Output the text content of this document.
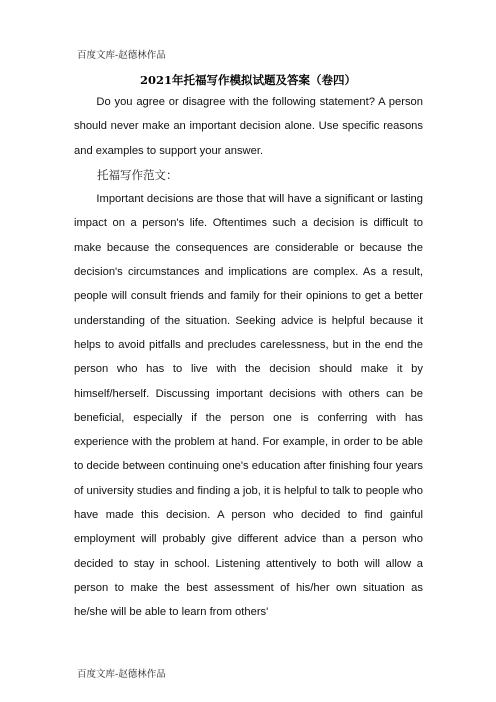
百度文库-赵德林作品
2021年托福写作模拟试题及答案（卷四）

Do you agree or disagree with the following statement? A person should never make an important decision alone. Use specific reasons and examples to support your answer.

托福写作范文：

Important decisions are those that will have a significant or lasting impact on a person's life. Oftentimes such a decision is difficult to make because the consequences are considerable or because the decision's circumstances and implications are complex. As a result, people will consult friends and family for their opinions to get a better understanding of the situation. Seeking advice is helpful because it helps to avoid pitfalls and precludes carelessness, but in the end the person who has to live with the decision should make it by himself/herself. Discussing important decisions with others can be beneficial, especially if the person one is conferring with has experience with the problem at hand. For example, in order to be able to decide between continuing one's education after finishing four years of university studies and finding a job, it is helpful to talk to people who have made this decision. A person who decided to find gainful employment will probably give different advice than a person who decided to stay in school. Listening attentively to both will allow a person to make the best assessment of his/her own situation as he/she will be able to learn from others'

百度文库-赵德林作品
